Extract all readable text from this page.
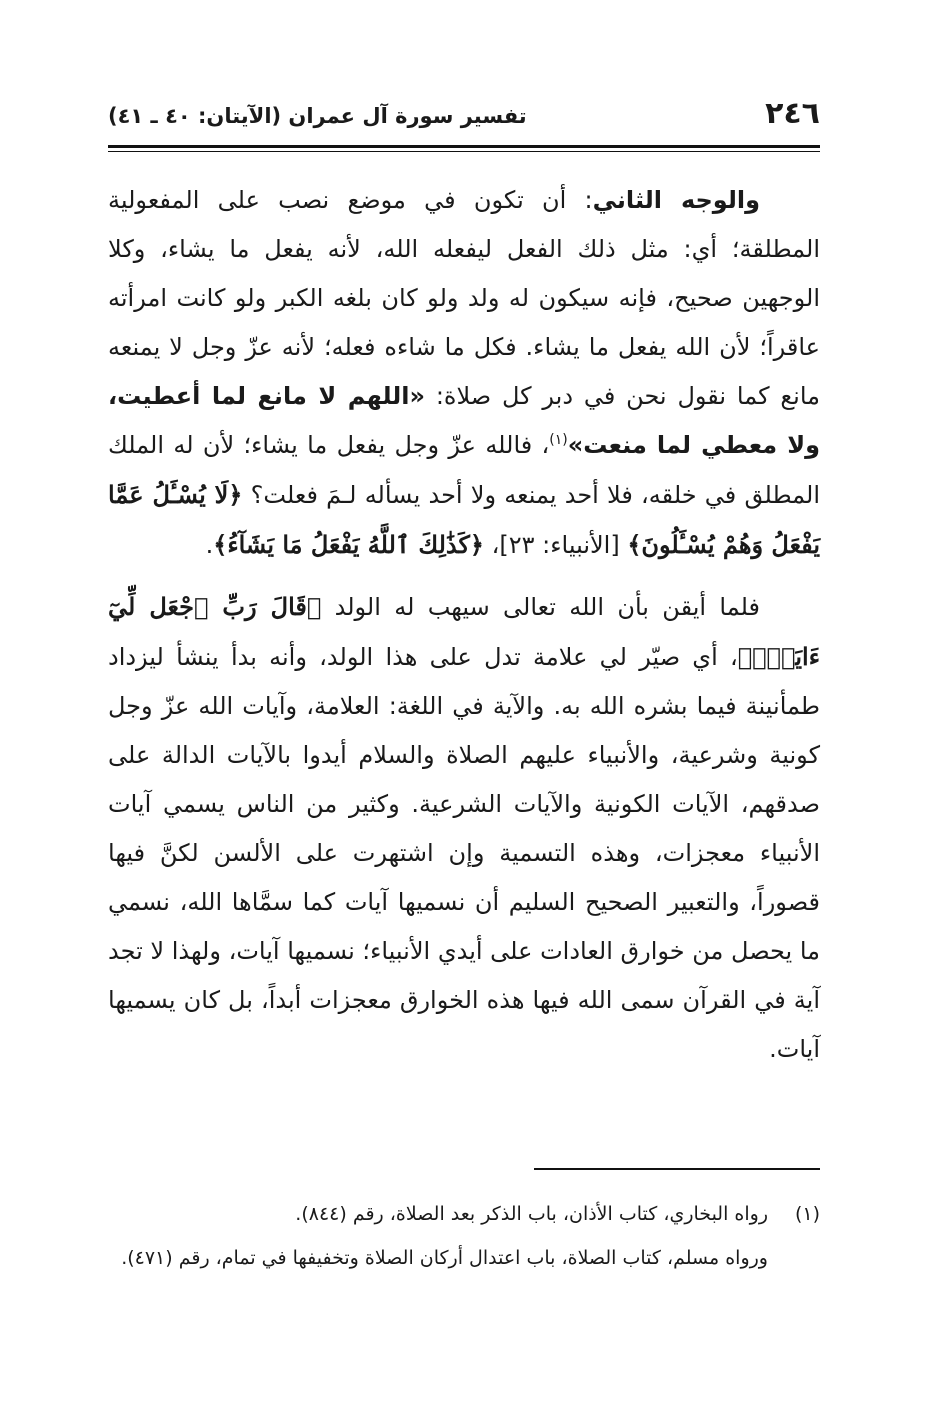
٢٤٦
تفسير سورة آل عمران (الآيتان: ٤٠ ـ ٤١)

والوجه الثاني: أن تكون في موضع نصب على المفعولية المطلقة؛ أي: مثل ذلك الفعل ليفعله الله، لأنه يفعل ما يشاء، وكلا الوجهين صحيح، فإنه سيكون له ولد ولو كان بلغه الكبر ولو كانت امرأته عاقراً؛ لأن الله يفعل ما يشاء. فكل ما شاءه فعله؛ لأنه عزّ وجل لا يمنعه مانع كما نقول نحن في دبر كل صلاة: «اللهم لا مانع لما أعطيت، ولا معطي لما منعت»$^{(١)}$، فالله عزّ وجل يفعل ما يشاء؛ لأن له الملك المطلق في خلقه، فلا أحد يمنعه ولا أحد يسأله لـمَ فعلت؟ ﴿لَا يُسْـَٔلُ عَمَّا يَفْعَلُ وَهُمْ يُسْـَٔلُونَ﴾ [الأنبياء: ٢٣]، ﴿كَذَٰلِكَ ٱللَّهُ يَفْعَلُ مَا يَشَآءُ﴾.

فلما أيقن بأن الله تعالى سيهب له الولد ﴿قَالَ رَبِّ ٱجْعَل لِّيٓ ءَايَةًۖ﴾، أي صيّر لي علامة تدل على هذا الولد، وأنه بدأ ينشأ ليزداد طمأنينة فيما بشره الله به. والآية في اللغة: العلامة، وآيات الله عزّ وجل كونية وشرعية، والأنبياء عليهم الصلاة والسلام أيدوا بالآيات الدالة على صدقهم، الآيات الكونية والآيات الشرعية. وكثير من الناس يسمي آيات الأنبياء معجزات، وهذه التسمية وإن اشتهرت على الألسن لكنَّ فيها قصوراً، والتعبير الصحيح السليم أن نسميها آيات كما سمَّاها الله، نسمي ما يحصل من خوارق العادات على أيدي الأنبياء؛ نسميها آيات، ولهذا لا تجد آية في القرآن سمى الله فيها هذه الخوارق معجزات أبداً، بل كان يسميها آيات.

(١)رواه البخاري، كتاب الأذان، باب الذكر بعد الصلاة، رقم (٨٤٤).

ورواه مسلم، كتاب الصلاة، باب اعتدال أركان الصلاة وتخفيفها في تمام، رقم (٤٧١).
